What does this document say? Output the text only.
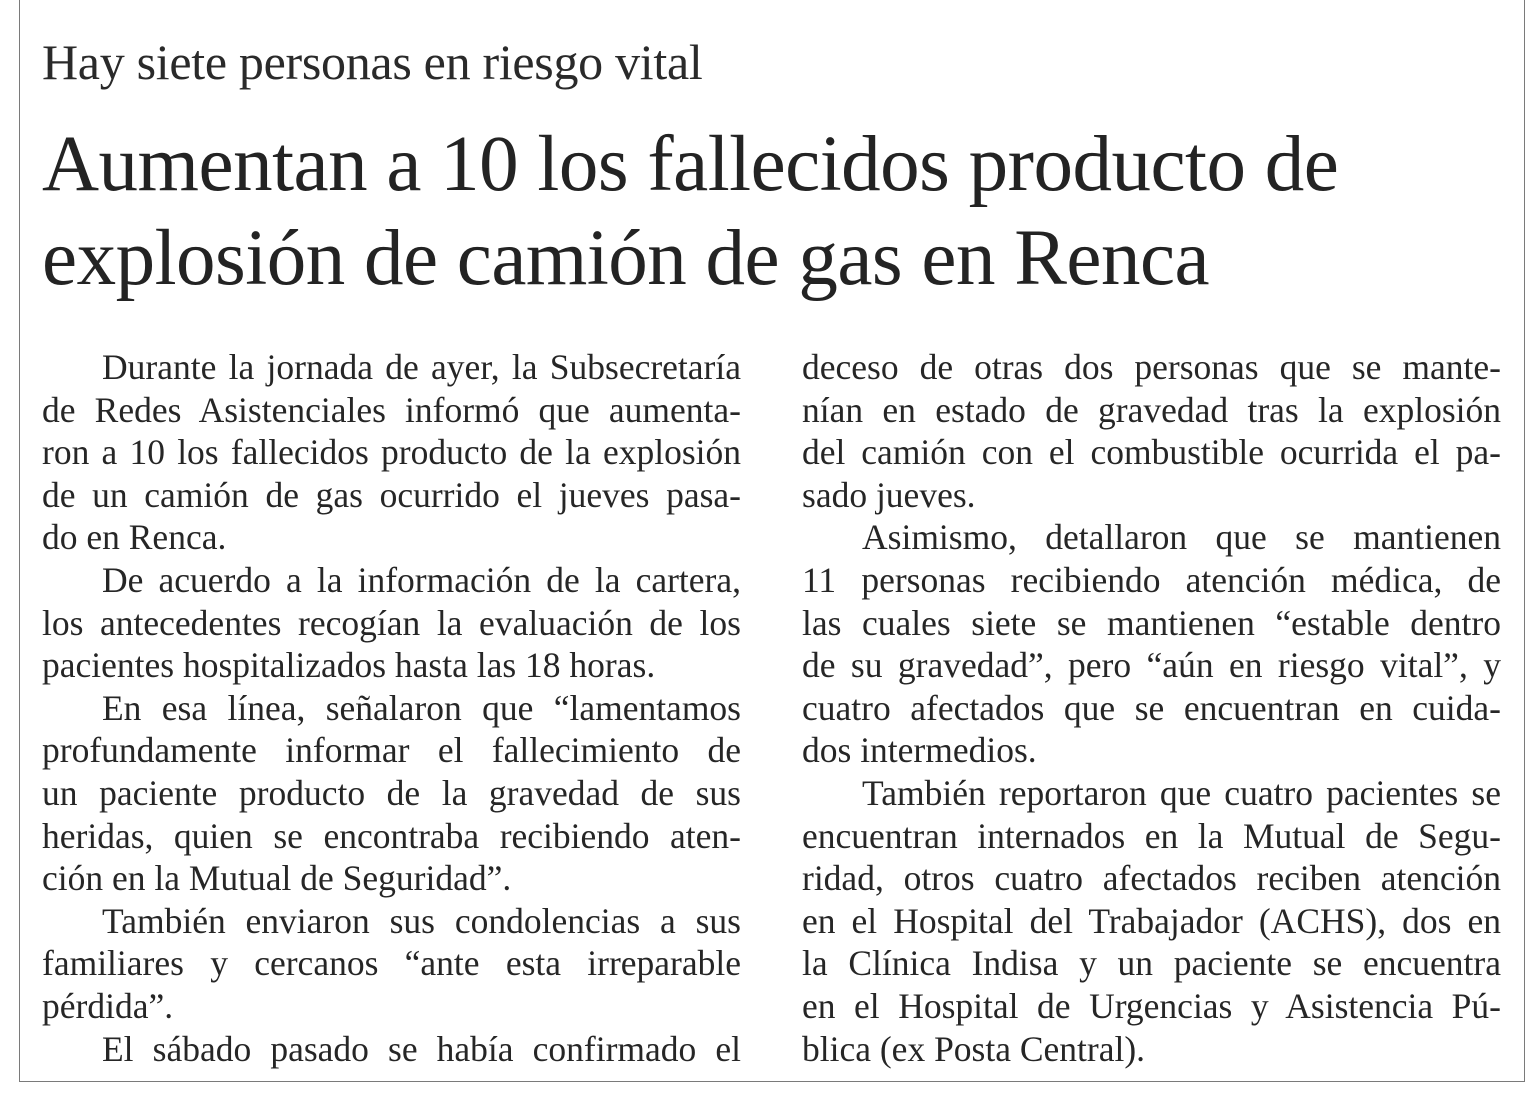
Hay siete personas en riesgo vital
Aumentan a 10 los fallecidos producto de
explosión de camión de gas en Renca
Durante la jornada de ayer, la Subsecretaría
de Redes Asistenciales informó que aumenta-
ron a 10 los fallecidos producto de la explosión
de un camión de gas ocurrido el jueves pasa-
do en Renca.
De acuerdo a la información de la cartera,
los antecedentes recogían la evaluación de los
pacientes hospitalizados hasta las 18 horas.
En esa línea, señalaron que “lamentamos
profundamente informar el fallecimiento de
un paciente producto de la gravedad de sus
heridas, quien se encontraba recibiendo aten-
ción en la Mutual de Seguridad”.
También enviaron sus condolencias a sus
familiares y cercanos “ante esta irreparable
pérdida”.
El sábado pasado se había confirmado el
deceso de otras dos personas que se mante-
nían en estado de gravedad tras la explosión
del camión con el combustible ocurrida el pa-
sado jueves.
Asimismo, detallaron que se mantienen
11 personas recibiendo atención médica, de
las cuales siete se mantienen “estable dentro
de su gravedad”, pero “aún en riesgo vital”, y
cuatro afectados que se encuentran en cuida-
dos intermedios.
También reportaron que cuatro pacientes se
encuentran internados en la Mutual de Segu-
ridad, otros cuatro afectados reciben atención
en el Hospital del Trabajador (ACHS), dos en
la Clínica Indisa y un paciente se encuentra
en el Hospital de Urgencias y Asistencia Pú-
blica (ex Posta Central).
